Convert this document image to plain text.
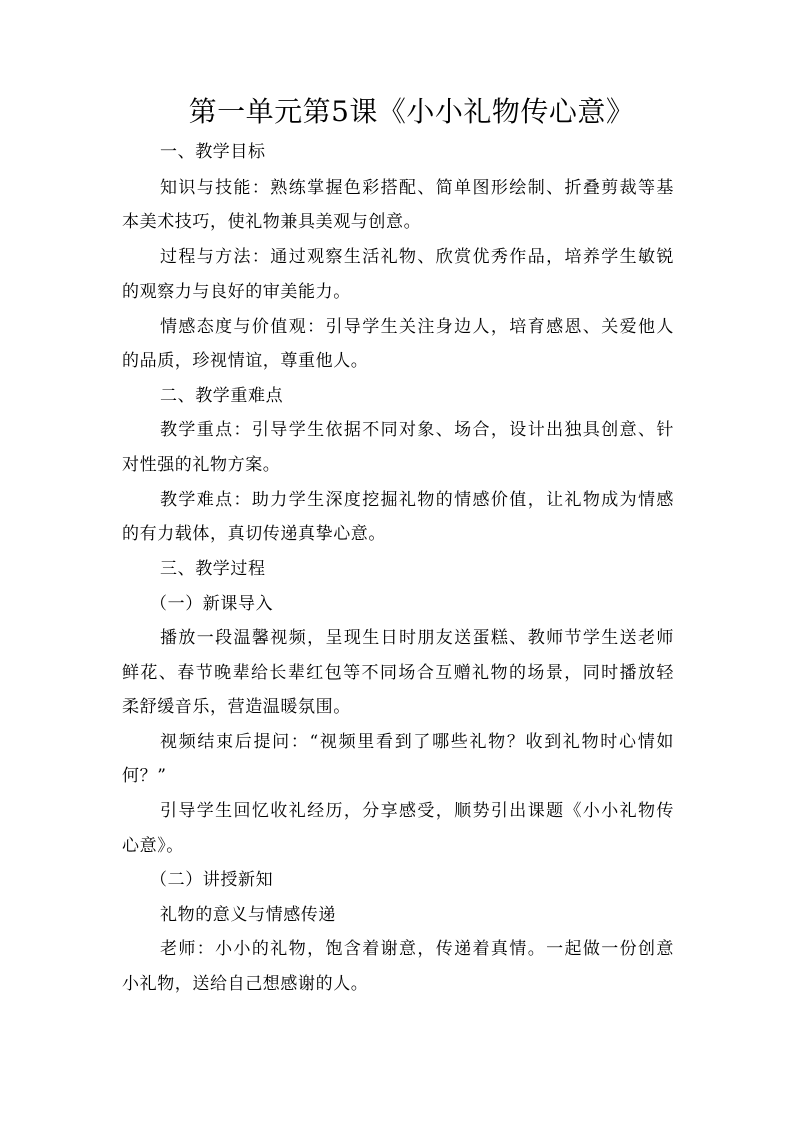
第一单元第5课《小小礼物传心意》
一、教学目标
知识与技能：熟练掌握色彩搭配、简单图形绘制、折叠剪裁等基
本美术技巧，使礼物兼具美观与创意。
过程与方法：通过观察生活礼物、欣赏优秀作品，培养学生敏锐
的观察力与良好的审美能力。
情感态度与价值观：引导学生关注身边人，培育感恩、关爱他人
的品质，珍视情谊，尊重他人。
二、教学重难点
教学重点：引导学生依据不同对象、场合，设计出独具创意、针
对性强的礼物方案。
教学难点：助力学生深度挖掘礼物的情感价值，让礼物成为情感
的有力载体，真切传递真挚心意。
三、教学过程
（一）新课导入
播放一段温馨视频，呈现生日时朋友送蛋糕、教师节学生送老师
鲜花、春节晚辈给长辈红包等不同场合互赠礼物的场景，同时播放轻
柔舒缓音乐，营造温暖氛围。
视频结束后提问：“视频里看到了哪些礼物？收到礼物时心情如
何？”
引导学生回忆收礼经历，分享感受，顺势引出课题《小小礼物传
心意》。
（二）讲授新知
礼物的意义与情感传递
老师：小小的礼物，饱含着谢意，传递着真情。一起做一份创意
小礼物，送给自己想感谢的人。
